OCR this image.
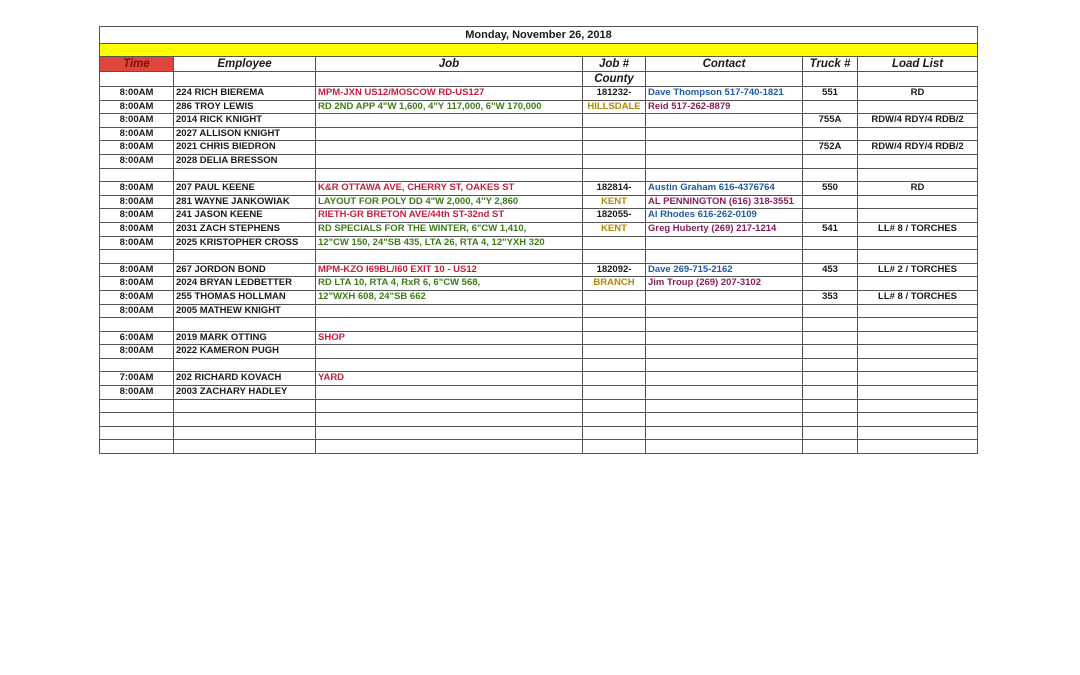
Monday, November 26, 2018						

Time	Employee	Job	Job #	Contact	Truck #	Load List
			County			
8:00AM	224 RICH BIEREMA	MPM-JXN US12/MOSCOW RD-US127	181232-	Dave Thompson 517-740-1821	551	RD
8:00AM	286 TROY LEWIS	RD 2ND APP 4"W 1,600, 4"Y 117,000, 6"W 170,000	HILLSDALE	Reid 517-262-8879		
8:00AM	2014 RICK KNIGHT				755A	RDW/4 RDY/4 RDB/2
8:00AM	2027 ALLISON KNIGHT					
8:00AM	2021 CHRIS BIEDRON				752A	RDW/4 RDY/4 RDB/2
8:00AM	2028 DELIA BRESSON					

8:00AM	207 PAUL KEENE	K&R OTTAWA AVE, CHERRY ST, OAKES ST	182814-	Austin Graham 616-4376764	550	RD
8:00AM	281 WAYNE JANKOWIAK	LAYOUT FOR POLY DD 4"W 2,000, 4"Y 2,860	KENT	AL PENNINGTON (616) 318-3551		
8:00AM	241 JASON KEENE	RIETH-GR BRETON AVE/44th ST-32nd ST	182055-	Al Rhodes 616-262-0109		
8:00AM	2031 ZACH STEPHENS	RD SPECIALS FOR THE WINTER, 6"CW 1,410,	KENT	Greg Huberty (269) 217-1214	541	LL# 8 / TORCHES
8:00AM	2025 KRISTOPHER CROSS	12"CW 150, 24"SB 435, LTA 26, RTA 4, 12"YXH 320				

8:00AM	267 JORDON BOND	MPM-KZO I69BL/I60 EXIT 10 - US12	182092-	Dave 269-715-2162	453	LL# 2 / TORCHES
8:00AM	2024 BRYAN LEDBETTER	RD LTA 10, RTA 4, RxR 6, 6"CW 568,	BRANCH	Jim Troup (269) 207-3102		
8:00AM	255 THOMAS HOLLMAN	12"WXH 608, 24"SB 662			353	LL# 8 / TORCHES
8:00AM	2005 MATHEW KNIGHT					

6:00AM	2019 MARK OTTING	SHOP				
8:00AM	2022 KAMERON PUGH					

7:00AM	202 RICHARD KOVACH	YARD				
8:00AM	2003 ZACHARY HADLEY					
